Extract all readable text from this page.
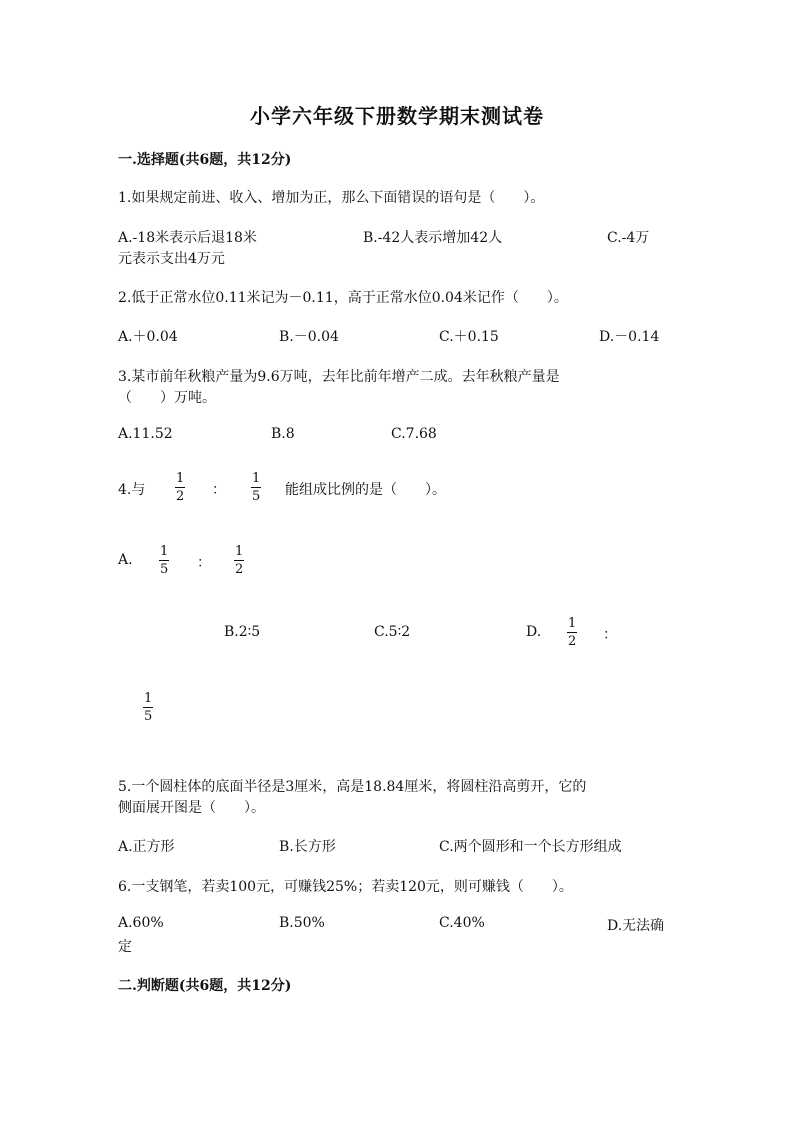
小学六年级下册数学期末测试卷
一.选择题(共6题，共12分)
1.如果规定前进、收入、增加为正，那么下面错误的语句是（　　）。
A.-18米表示后退18米	B.-42人表示增加42人	C.-4万
元表示支出4万元
2.低于正常水位0.11米记为－0.11，高于正常水位0.04米记作（　　）。
A.＋0.04	B.－0.04	C.＋0.15	D.－0.14
3.某市前年秋粮产量为9.6万吨，去年比前年增产二成。去年秋粮产量是
（　　）万吨。
A.11.52	B.8	C.7.68
4.与
1
2 ：
1
5 能组成比例的是（　　）。
A.
1
5 ：
1
2
B.2∶5	C.5∶2	D.
1
2 ：
1
5
5.一个圆柱体的底面半径是3厘米，高是18.84厘米，将圆柱沿高剪开，它的
侧面展开图是（　　）。
A.正方形	B.长方形	C.两个圆形和一个长方形组成
6.一支钢笔，若卖100元，可赚钱25%；若卖120元，则可赚钱（　　）。
A.60%	B.50%	C.40%	D.无法确
定
二.判断题(共6题，共12分)
